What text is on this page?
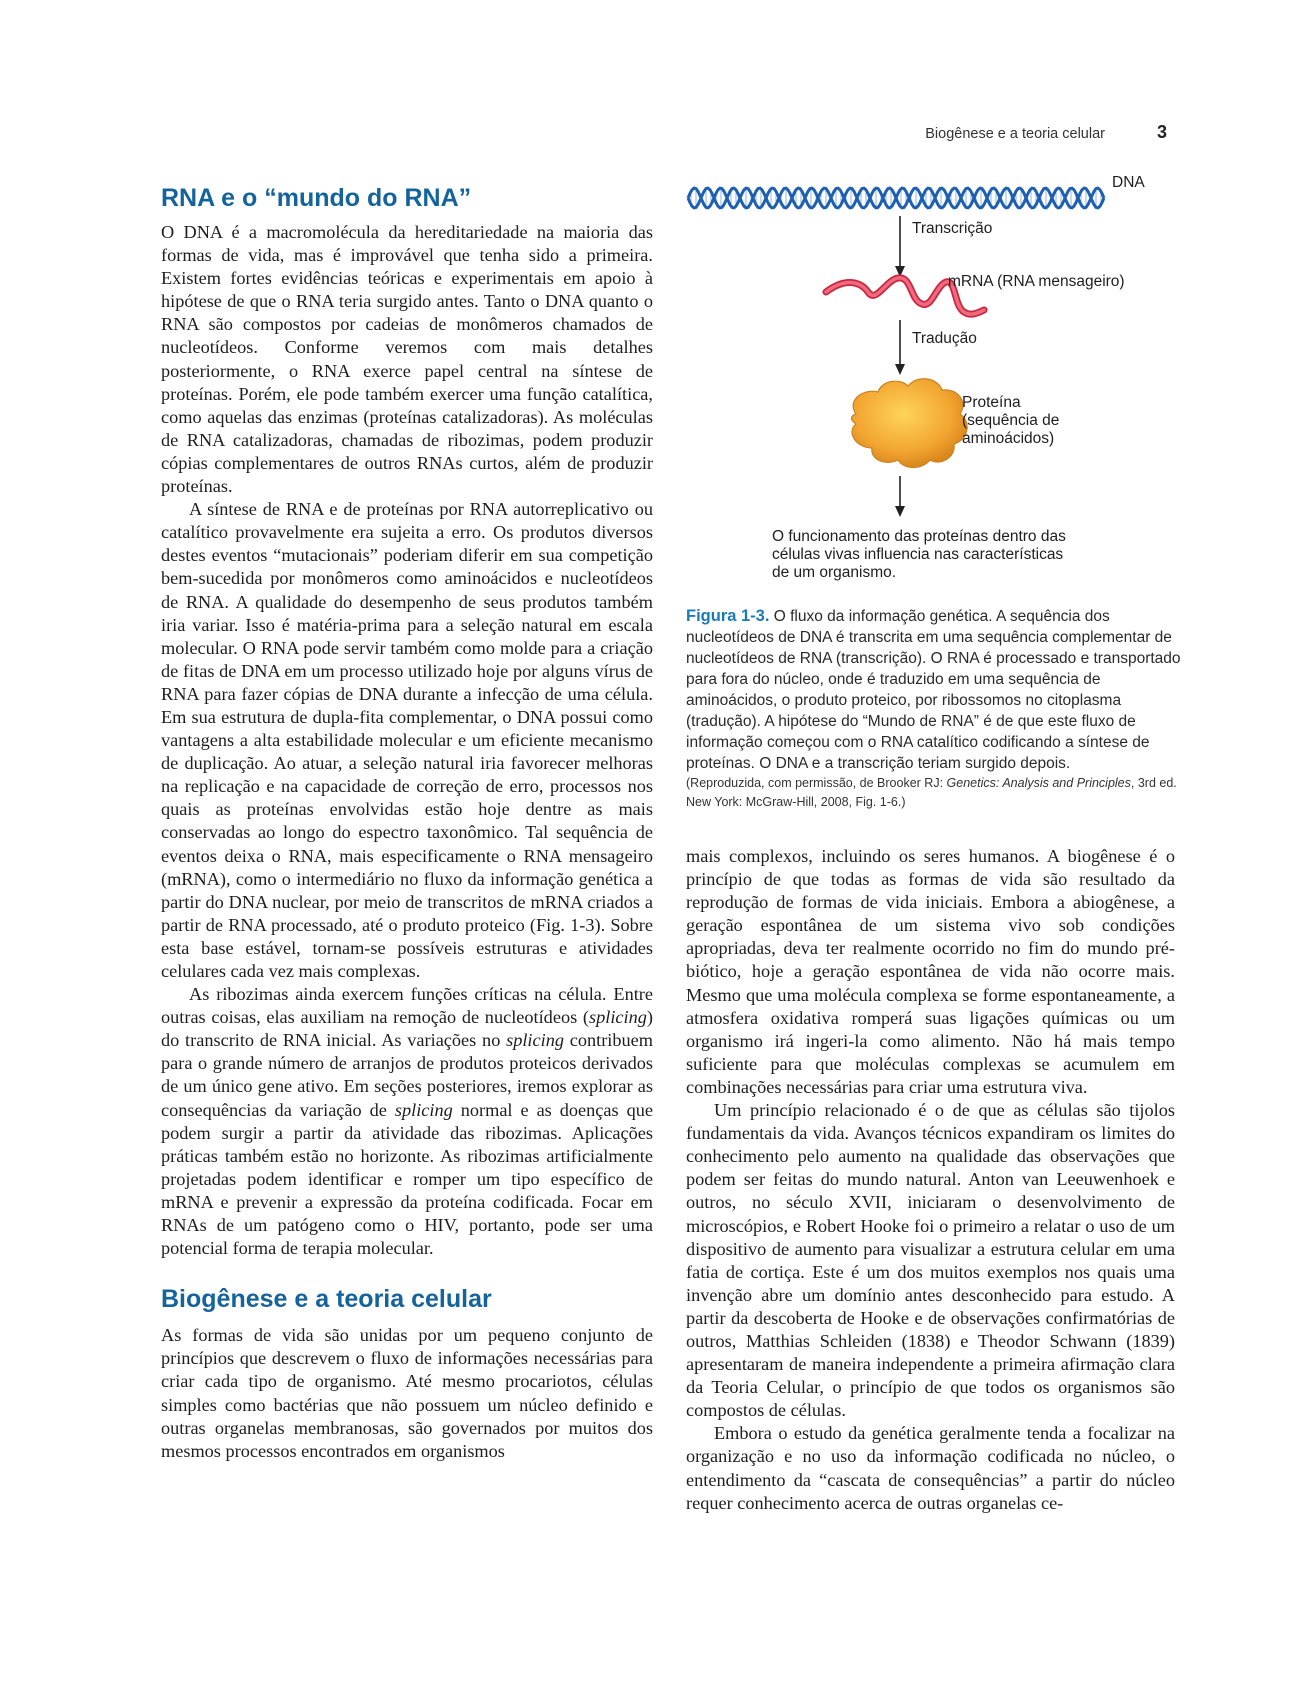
Biogênese e a teoria celular	3
RNA e o “mundo do RNA”

O DNA é a macromolécula da hereditariedade na maioria das formas de vida, mas é improvável que tenha sido a primeira. Existem fortes evidências teóricas e experimentais em apoio à hipótese de que o RNA teria surgido antes. Tanto o DNA quanto o RNA são compostos por cadeias de monômeros chamados de nucleotídeos. Conforme veremos com mais detalhes posteriormente, o RNA exerce papel central na síntese de proteínas. Porém, ele pode também exercer uma função catalítica, como aquelas das enzimas (proteínas catalizadoras). As moléculas de RNA catalizadoras, chamadas de ribozimas, podem produzir cópias complementares de outros RNAs curtos, além de produzir proteínas.

A síntese de RNA e de proteínas por RNA autorreplicativo ou catalítico provavelmente era sujeita a erro. Os produtos diversos destes eventos “mutacionais” poderiam diferir em sua competição bem-sucedida por monômeros como aminoácidos e nucleotídeos de RNA. A qualidade do desempenho de seus produtos também iria variar. Isso é matéria-prima para a seleção natural em escala molecular. O RNA pode servir também como molde para a criação de fitas de DNA em um processo utilizado hoje por alguns vírus de RNA para fazer cópias de DNA durante a infecção de uma célula. Em sua estrutura de dupla-fita complementar, o DNA possui como vantagens a alta estabilidade molecular e um eficiente mecanismo de duplicação. Ao atuar, a seleção natural iria favorecer melhoras na replicação e na capacidade de correção de erro, processos nos quais as proteínas envolvidas estão hoje dentre as mais conservadas ao longo do espectro taxonômico. Tal sequência de eventos deixa o RNA, mais especificamente o RNA mensageiro (mRNA), como o intermediário no fluxo da informação genética a partir do DNA nuclear, por meio de transcritos de mRNA criados a partir de RNA processado, até o produto proteico (Fig. 1-3). Sobre esta base estável, tornam-se possíveis estruturas e atividades celulares cada vez mais complexas.

As ribozimas ainda exercem funções críticas na célula. Entre outras coisas, elas auxiliam na remoção de nucleotídeos (splicing) do transcrito de RNA inicial. As variações no splicing contribuem para o grande número de arranjos de produtos proteicos derivados de um único gene ativo. Em seções posteriores, iremos explorar as consequências da variação de splicing normal e as doenças que podem surgir a partir da atividade das ribozimas. Aplicações práticas também estão no horizonte. As ribozimas artificialmente projetadas podem identificar e romper um tipo específico de mRNA e prevenir a expressão da proteína codificada. Focar em RNAs de um patógeno como o HIV, portanto, pode ser uma potencial forma de terapia molecular.

Biogênese e a teoria celular

As formas de vida são unidas por um pequeno conjunto de princípios que descrevem o fluxo de informações necessárias para criar cada tipo de organismo. Até mesmo procariotos, células simples como bactérias que não possuem um núcleo definido e outras organelas membranosas, são governados por muitos dos mesmos processos encontrados em organismos

DNA
Transcrição
mRNA (RNA mensageiro)
Tradução
Proteína
(sequência de
aminoácidos)
O funcionamento das proteínas dentro das
células vivas influencia nas características
de um organismo.
Figura 1-3. O fluxo da informação genética. A sequência dos nucleotídeos de DNA é transcrita em uma sequência complementar de nucleotídeos de RNA (transcrição). O RNA é processado e transportado para fora do núcleo, onde é traduzido em uma sequência de aminoácidos, o produto proteico, por ribossomos no citoplasma (tradução). A hipótese do “Mundo de RNA” é de que este fluxo de informação começou com o RNA catalítico codificando a síntese de proteínas. O DNA e a transcrição teriam surgido depois.
(Reproduzida, com permissão, de Brooker RJ: Genetics: Analysis and Principles, 3rd ed. New York: McGraw-Hill, 2008, Fig. 1-6.)

mais complexos, incluindo os seres humanos. A biogênese é o princípio de que todas as formas de vida são resultado da reprodução de formas de vida iniciais. Embora a abiogênese, a geração espontânea de um sistema vivo sob condições apropriadas, deva ter realmente ocorrido no fim do mundo pré-biótico, hoje a geração espontânea de vida não ocorre mais. Mesmo que uma molécula complexa se forme espontaneamente, a atmosfera oxidativa romperá suas ligações químicas ou um organismo irá ingeri-la como alimento. Não há mais tempo suficiente para que moléculas complexas se acumulem em combinações necessárias para criar uma estrutura viva.

Um princípio relacionado é o de que as células são tijolos fundamentais da vida. Avanços técnicos expandiram os limites do conhecimento pelo aumento na qualidade das observações que podem ser feitas do mundo natural. Anton van Leeuwenhoek e outros, no século XVII, iniciaram o desenvolvimento de microscópios, e Robert Hooke foi o primeiro a relatar o uso de um dispositivo de aumento para visualizar a estrutura celular em uma fatia de cortiça. Este é um dos muitos exemplos nos quais uma invenção abre um domínio antes desconhecido para estudo. A partir da descoberta de Hooke e de observações confirmatórias de outros, Matthias Schleiden (1838) e Theodor Schwann (1839) apresentaram de maneira independente a primeira afirmação clara da Teoria Celular, o princípio de que todos os organismos são compostos de células.

Embora o estudo da genética geralmente tenda a focalizar na organização e no uso da informação codificada no núcleo, o entendimento da “cascata de consequências” a partir do núcleo requer conhecimento acerca de outras organelas ce-
